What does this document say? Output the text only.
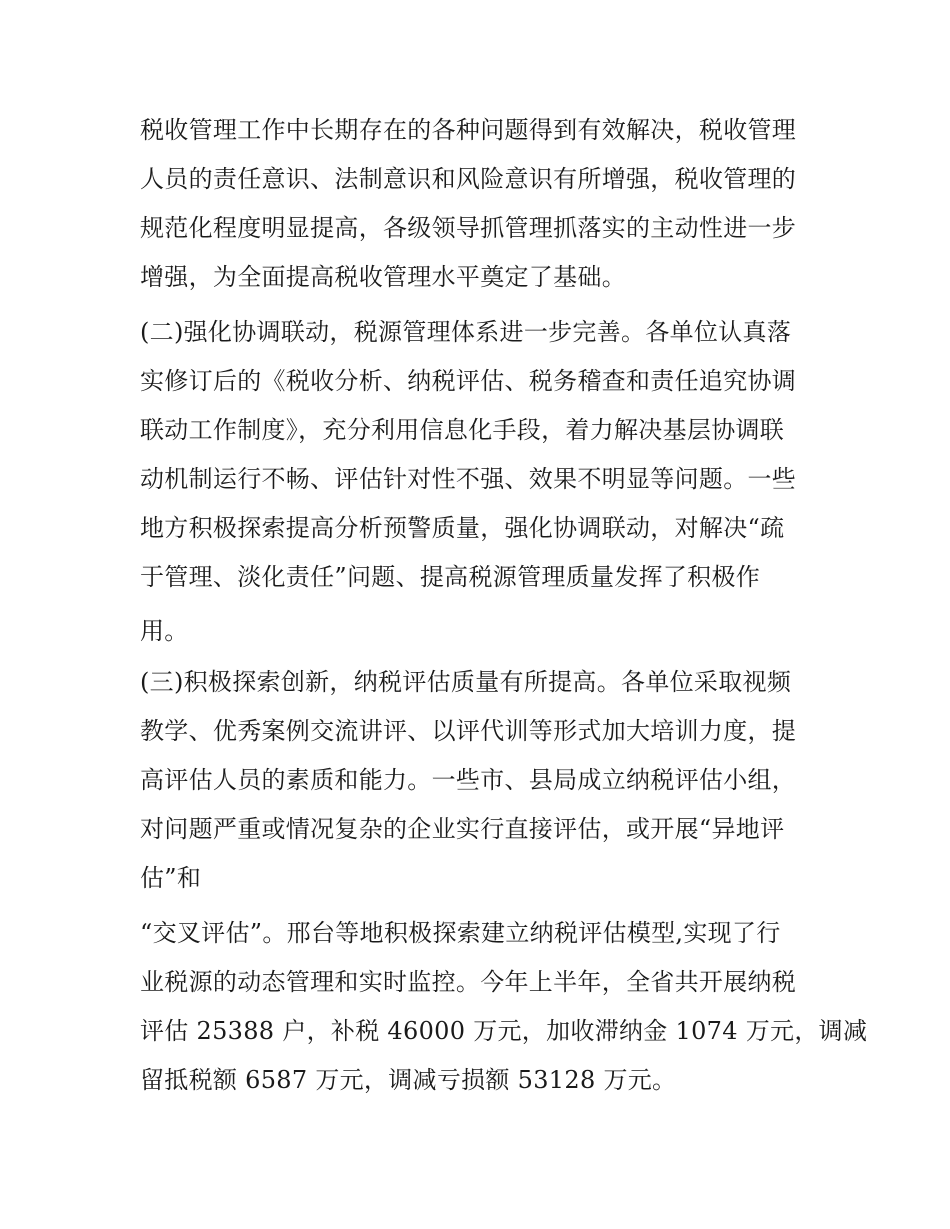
税收管理工作中长期存在的各种问题得到有效解决，税收管理
人员的责任意识、法制意识和风险意识有所增强，税收管理的
规范化程度明显提高，各级领导抓管理抓落实的主动性进一步
增强，为全面提高税收管理水平奠定了基础。
(二)强化协调联动，税源管理体系进一步完善。各单位认真落
实修订后的《税收分析、纳税评估、税务稽查和责任追究协调
联动工作制度》，充分利用信息化手段，着力解决基层协调联
动机制运行不畅、评估针对性不强、效果不明显等问题。一些
地方积极探索提高分析预警质量，强化协调联动，对解决“疏
于管理、淡化责任”问题、提高税源管理质量发挥了积极作
用。
(三)积极探索创新，纳税评估质量有所提高。各单位采取视频
教学、优秀案例交流讲评、以评代训等形式加大培训力度，提
高评估人员的素质和能力。一些市、县局成立纳税评估小组，
对问题严重或情况复杂的企业实行直接评估，或开展“异地评
估”和
“交叉评估”。邢台等地积极探索建立纳税评估模型,实现了行
业税源的动态管理和实时监控。今年上半年，全省共开展纳税
评估 25388 户，补税 46000 万元，加收滞纳金 1074 万元，调减
留抵税额 6587 万元，调减亏损额 53128 万元。
